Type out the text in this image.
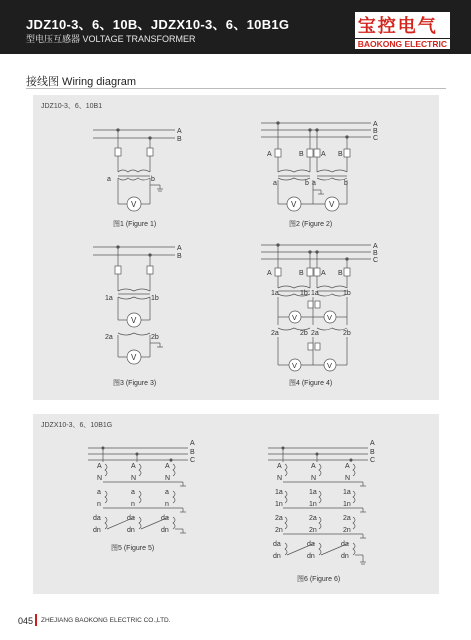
JDZ10-3、6、10B、JDZX10-3、6、10B1G
型电压互感器 VOLTAGE TRANSFORMER
宝控电气
BAOKONG ELECTRIC
接线图 Wiring diagram
JDZ10-3、6、10B1
A
B
a	b
V
图1 (Figure 1)
A
B
C
A	B A B
a	b a	b
V	V
图2 (Figure 2)
A
B
1a	1b
V
2a	2b
V
图3 (Figure 3)
A
B
C
A	B A B
1a	1b 1a	1b
V	V
2a	2b 2a	2b
V	V
图4 (Figure 4)
JDZX10-3、6、10B1G
A
B
C
A	A	A
N	N	N
a	a	a
n	n	n
da	da	da
dn	dn	dn
图5 (Figure 5)
A
B
C
A	A	A
N	N	N
1a	1a	1a
1n	1n	1n
2a	2a	2a
2n	2n	2n
da	da	da
dn	dn	dn
图6 (Figure 6)
045 ZHEJIANG BAOKONG ELECTRIC CO.,LTD.
